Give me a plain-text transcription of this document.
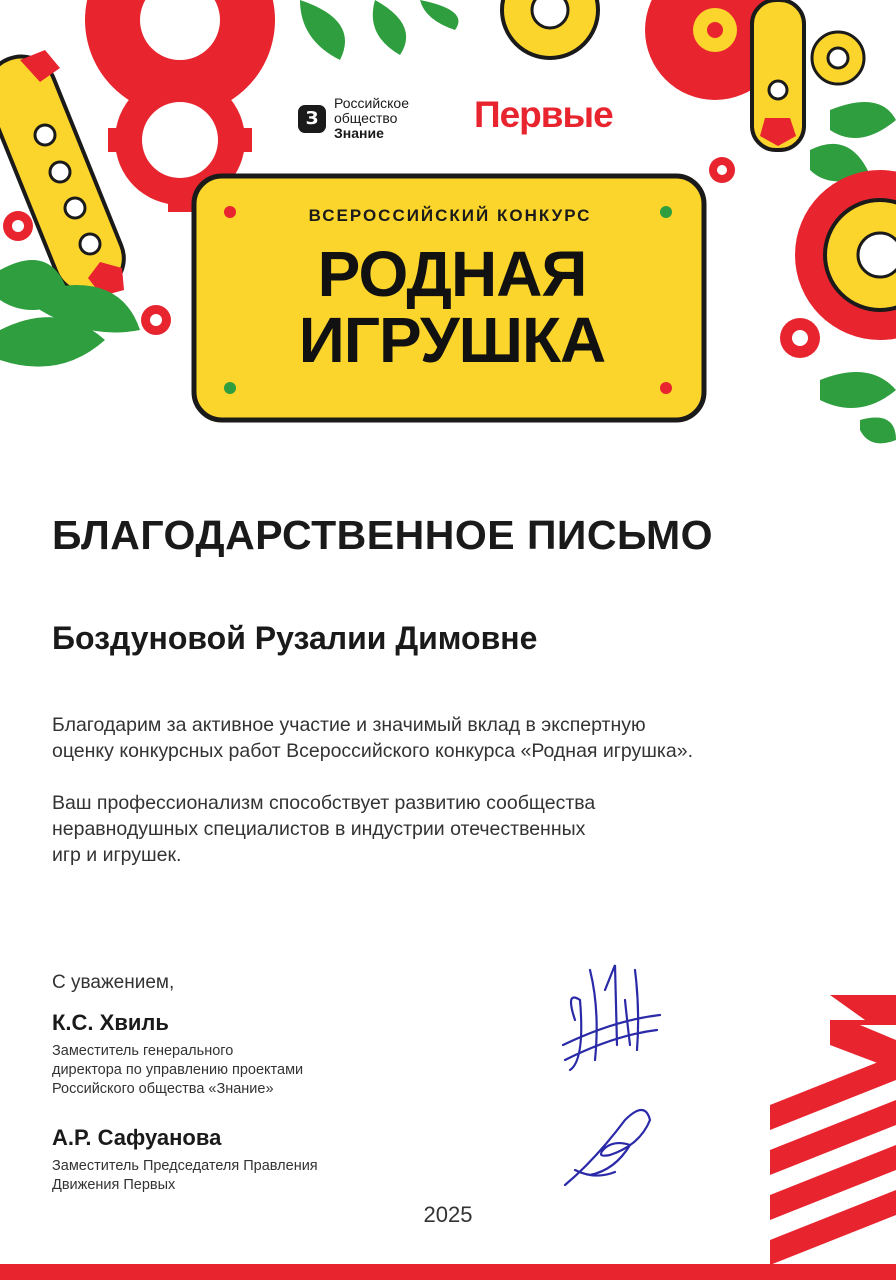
З
Российское
общество
Знание	Первые
ВСЕРОССИЙСКИЙ КОНКУРС
РОДНАЯ
ИГРУШКА
БЛАГОДАРСТВЕННОЕ ПИСЬМО
Боздуновой Рузалии Димовне
Благодарим за активное участие и значимый вклад в экспертную
оценку конкурсных работ Всероссийского конкурса «Родная игрушка».
Ваш профессионализм способствует развитию сообщества
неравнодушных специалистов в индустрии отечественных
игр и игрушек.
С уважением,
К.С. Хвиль
Заместитель генерального
директора по управлению проектами
Российского общества «Знание»
А.Р. Сафуанова
Заместитель Председателя Правления
Движения Первых
2025
